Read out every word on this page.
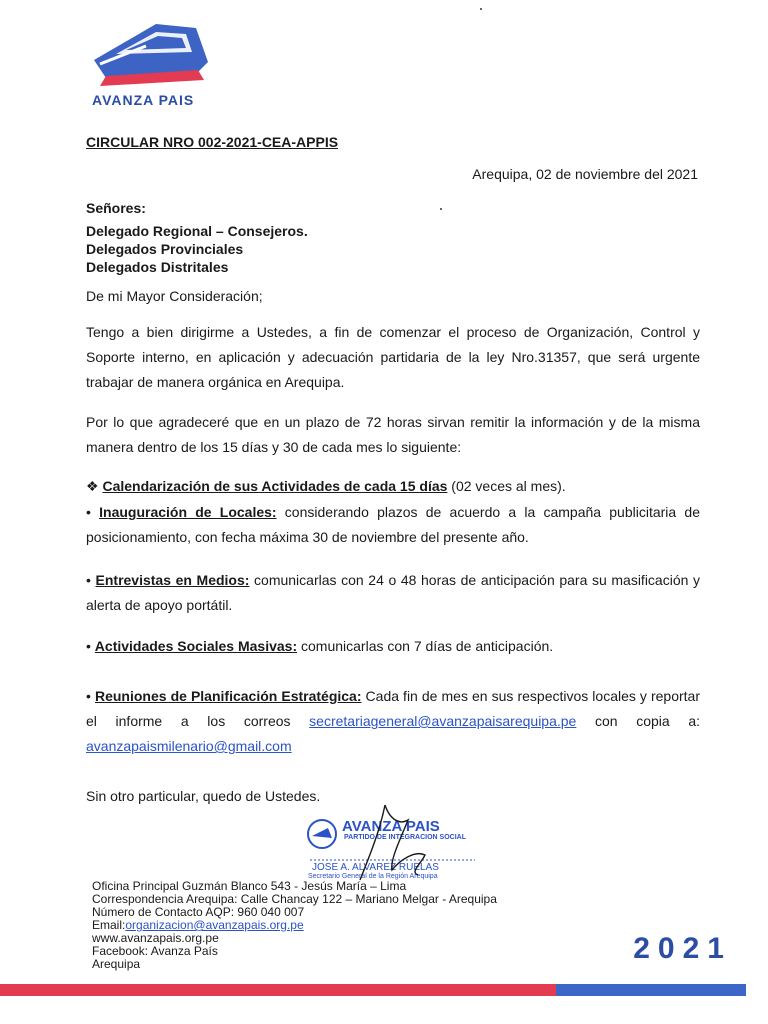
AVANZA PAIS
CIRCULAR NRO 002-2021-CEA-APPIS
Arequipa, 02 de noviembre del 2021
Señores:
Delegado Regional – Consejeros.
Delegados Provinciales
Delegados Distritales
De mi Mayor Consideración;
Tengo a bien dirigirme a Ustedes, a fin de comenzar el proceso de Organización, Control y Soporte interno, en aplicación y adecuación partidaria de la ley Nro.31357, que será urgente trabajar de manera orgánica en Arequipa.
Por lo que agradeceré que en un plazo de 72 horas sirvan remitir la información y de la misma manera dentro de los 15 días y 30 de cada mes lo siguiente:
❖ Calendarización de sus Actividades de cada 15 días (02 veces al mes).
• Inauguración de Locales: considerando plazos de acuerdo a la campaña publicitaria de posicionamiento, con fecha máxima 30 de noviembre del presente año.
• Entrevistas en Medios: comunicarlas con 24 o 48 horas de anticipación para su masificación y alerta de apoyo portátil.
• Actividades Sociales Masivas: comunicarlas con 7 días de anticipación.
• Reuniones de Planificación Estratégica: Cada fin de mes en sus respectivos locales y reportar el informe a los correos secretariageneral@avanzapaisarequipa.pe con copia a: avanzapaismilenario@gmail.com
Sin otro particular, quedo de Ustedes.
AVANZA PAIS
PARTIDO DE INTEGRACION SOCIAL
JOSE A. ALVAREZ RUELAS
Secretario General de la Región Arequipa
Oficina Principal Guzmán Blanco 543 - Jesús María – Lima
Correspondencia Arequipa: Calle Chancay 122 – Mariano Melgar - Arequipa
Número de Contacto AQP: 960 040 007
Email:organizacion@avanzapais.org.pe
www.avanzapais.org.pe
Facebook: Avanza País
Arequipa	2021
